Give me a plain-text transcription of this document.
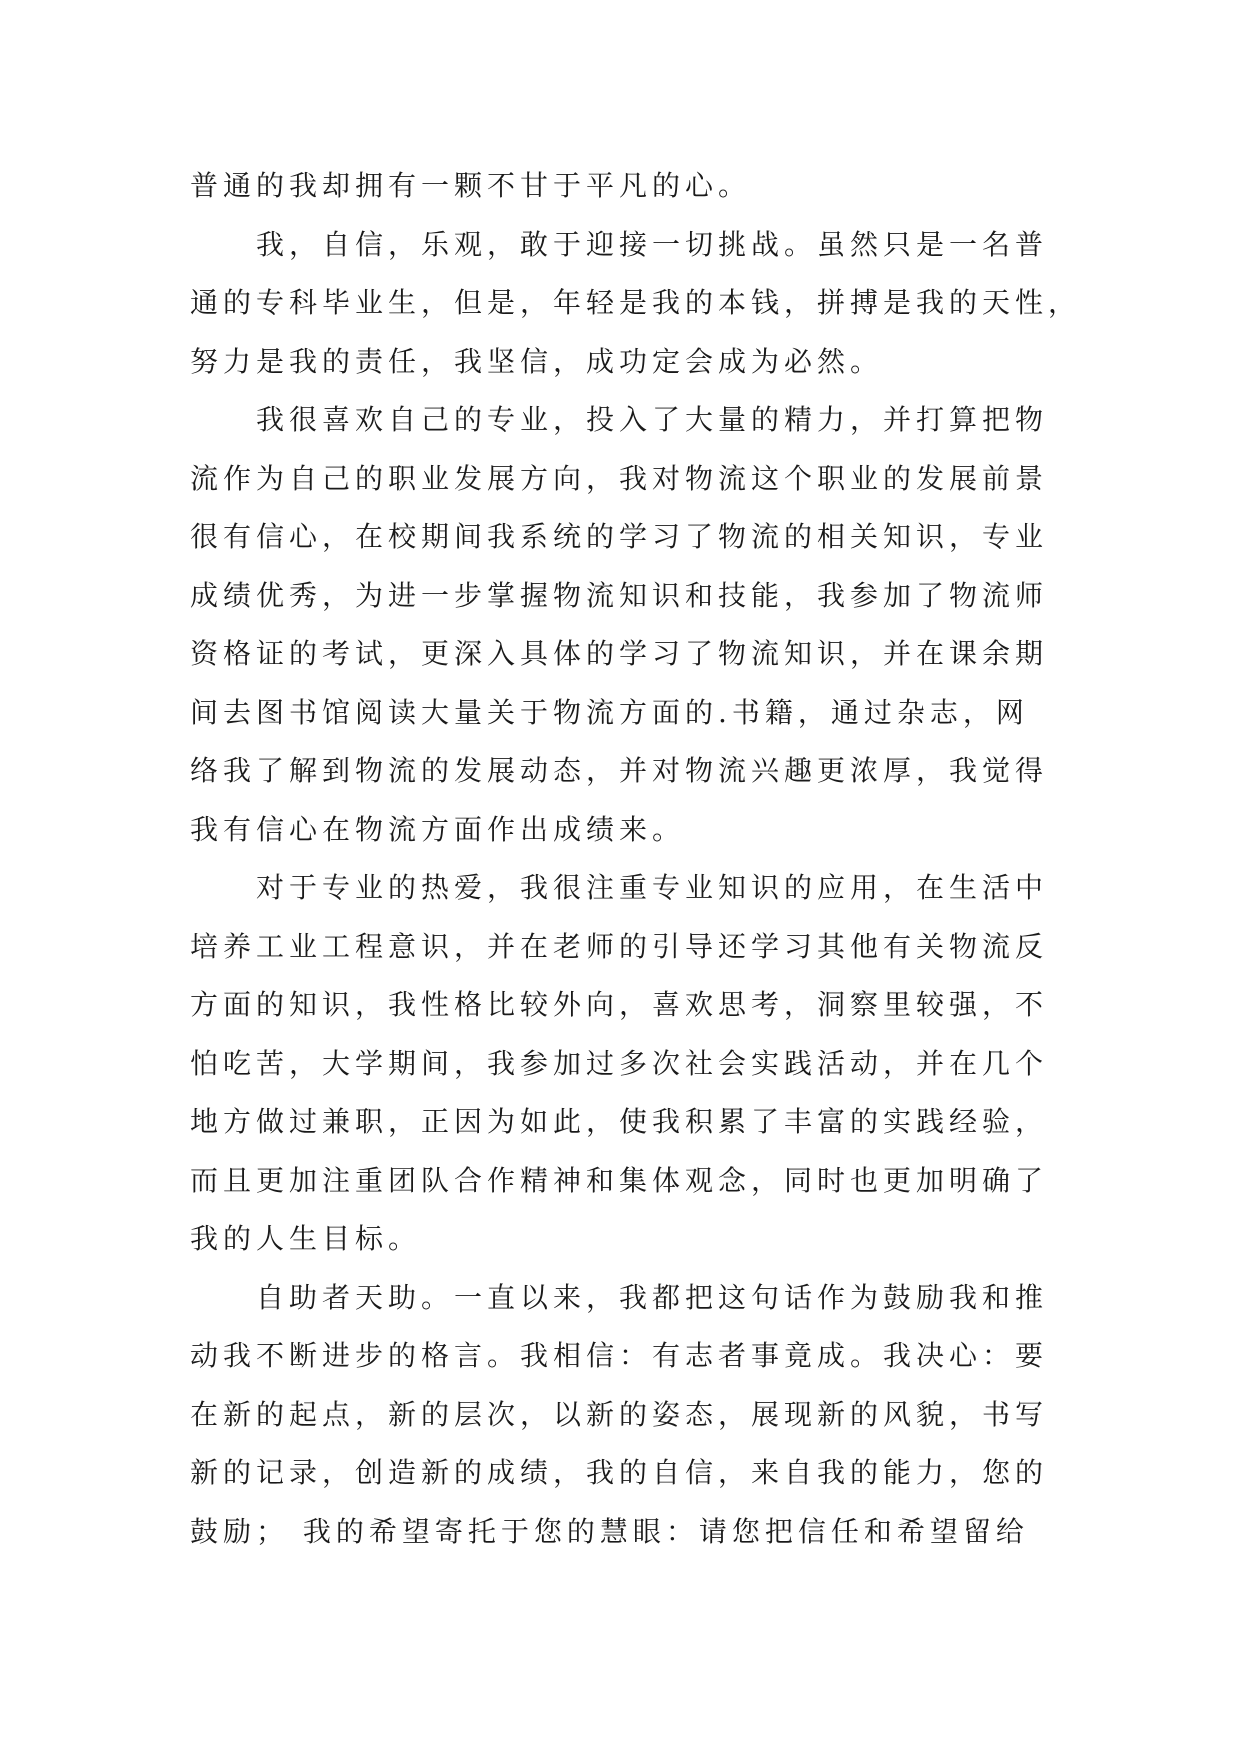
普通的我却拥有一颗不甘于平凡的心。
我，自信，乐观，敢于迎接一切挑战。虽然只是一名普
通的专科毕业生，但是，年轻是我的本钱，拼搏是我的天性，
努力是我的责任，我坚信，成功定会成为必然。
我很喜欢自己的专业，投入了大量的精力，并打算把物
流作为自己的职业发展方向，我对物流这个职业的发展前景
很有信心，在校期间我系统的学习了物流的相关知识，专业
成绩优秀，为进一步掌握物流知识和技能，我参加了物流师
资格证的考试，更深入具体的学习了物流知识，并在课余期
间去图书馆阅读大量关于物流方面的.书籍，通过杂志，网
络我了解到物流的发展动态，并对物流兴趣更浓厚，我觉得
我有信心在物流方面作出成绩来。
对于专业的热爱，我很注重专业知识的应用，在生活中
培养工业工程意识，并在老师的引导还学习其他有关物流反
方面的知识，我性格比较外向，喜欢思考，洞察里较强，不
怕吃苦，大学期间，我参加过多次社会实践活动，并在几个
地方做过兼职，正因为如此，使我积累了丰富的实践经验，
而且更加注重团队合作精神和集体观念，同时也更加明确了
我的人生目标。
自助者天助。一直以来，我都把这句话作为鼓励我和推
动我不断进步的格言。我相信：有志者事竟成。我决心：要
在新的起点，新的层次，以新的姿态，展现新的风貌，书写
新的记录，创造新的成绩，我的自信，来自我的能力，您的
鼓励； 我的希望寄托于您的慧眼：请您把信任和希望留给
